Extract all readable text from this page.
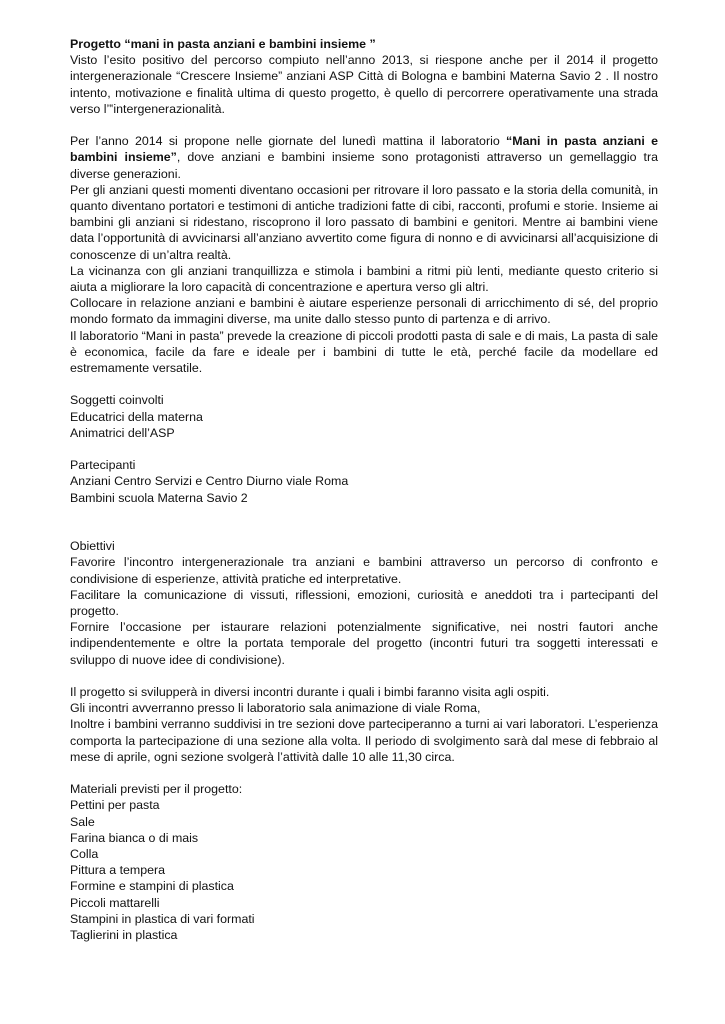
Progetto “mani in pasta anziani e bambini insieme ”

Visto l’esito positivo del percorso compiuto nell’anno 2013, si riespone anche per il 2014 il progetto intergenerazionale “Crescere Insieme” anziani ASP Città di Bologna e bambini Materna Savio 2 . Il nostro intento, motivazione e finalità ultima di questo progetto, è quello di percorrere operativamente una strada verso l’‟intergenerazionalità.

Per l’anno 2014 si propone nelle giornate del lunedì mattina il laboratorio “Mani in pasta anziani e bambini insieme”, dove anziani e bambini insieme sono protagonisti attraverso un gemellaggio tra diverse generazioni.

Per gli anziani questi momenti diventano occasioni per ritrovare il loro passato e la storia della comunità, in quanto diventano portatori e testimoni di antiche tradizioni fatte di cibi, racconti, profumi e storie. Insieme ai bambini gli anziani si ridestano, riscoprono il loro passato di bambini e genitori. Mentre ai bambini viene data l’opportunità di avvicinarsi all’anziano avvertito come figura di nonno e di avvicinarsi all’acquisizione di conoscenze di un’altra realtà.

La vicinanza con gli anziani tranquillizza e stimola i bambini a ritmi più lenti, mediante questo criterio si aiuta a migliorare la loro capacità di concentrazione e apertura verso gli altri.

Collocare in relazione anziani e bambini è aiutare esperienze personali di arricchimento di sé, del proprio mondo formato da immagini diverse, ma unite dallo stesso punto di partenza e di arrivo.

Il laboratorio “Mani in pasta” prevede la creazione di piccoli prodotti pasta di sale e di mais, La pasta di sale è economica, facile da fare e ideale per i bambini di tutte le età, perché facile da modellare ed estremamente versatile.

Soggetti coinvolti
Educatrici della materna
Animatrici dell’ASP
Partecipanti
Anziani Centro Servizi e Centro Diurno viale Roma
Bambini scuola Materna Savio 2

Obiettivi

Favorire l’incontro intergenerazionale tra anziani e bambini attraverso un percorso di confronto e condivisione di esperienze, attività pratiche ed interpretative.

Facilitare la comunicazione di vissuti, riflessioni, emozioni, curiosità e aneddoti tra i partecipanti del progetto.

Fornire l’occasione per istaurare relazioni potenzialmente significative, nei nostri fautori anche indipendentemente e oltre la portata temporale del progetto (incontri futuri tra soggetti interessati e sviluppo di nuove idee di condivisione).

Il progetto si svilupperà in diversi incontri durante i quali i bimbi faranno visita agli ospiti.

Gli incontri avverranno presso li laboratorio sala animazione di viale Roma,

Inoltre i bambini verranno suddivisi in tre sezioni dove parteciperanno a turni ai vari laboratori. L’esperienza comporta la partecipazione di una sezione alla volta. Il periodo di svolgimento sarà dal mese di febbraio al mese di aprile, ogni sezione svolgerà l’attività dalle 10 alle 11,30 circa.

Materiali previsti per il progetto:
Pettini per pasta
Sale
Farina bianca o di mais
Colla
Pittura a tempera
Formine e stampini di plastica
Piccoli mattarelli
Stampini in plastica di vari formati
Taglierini in plastica
